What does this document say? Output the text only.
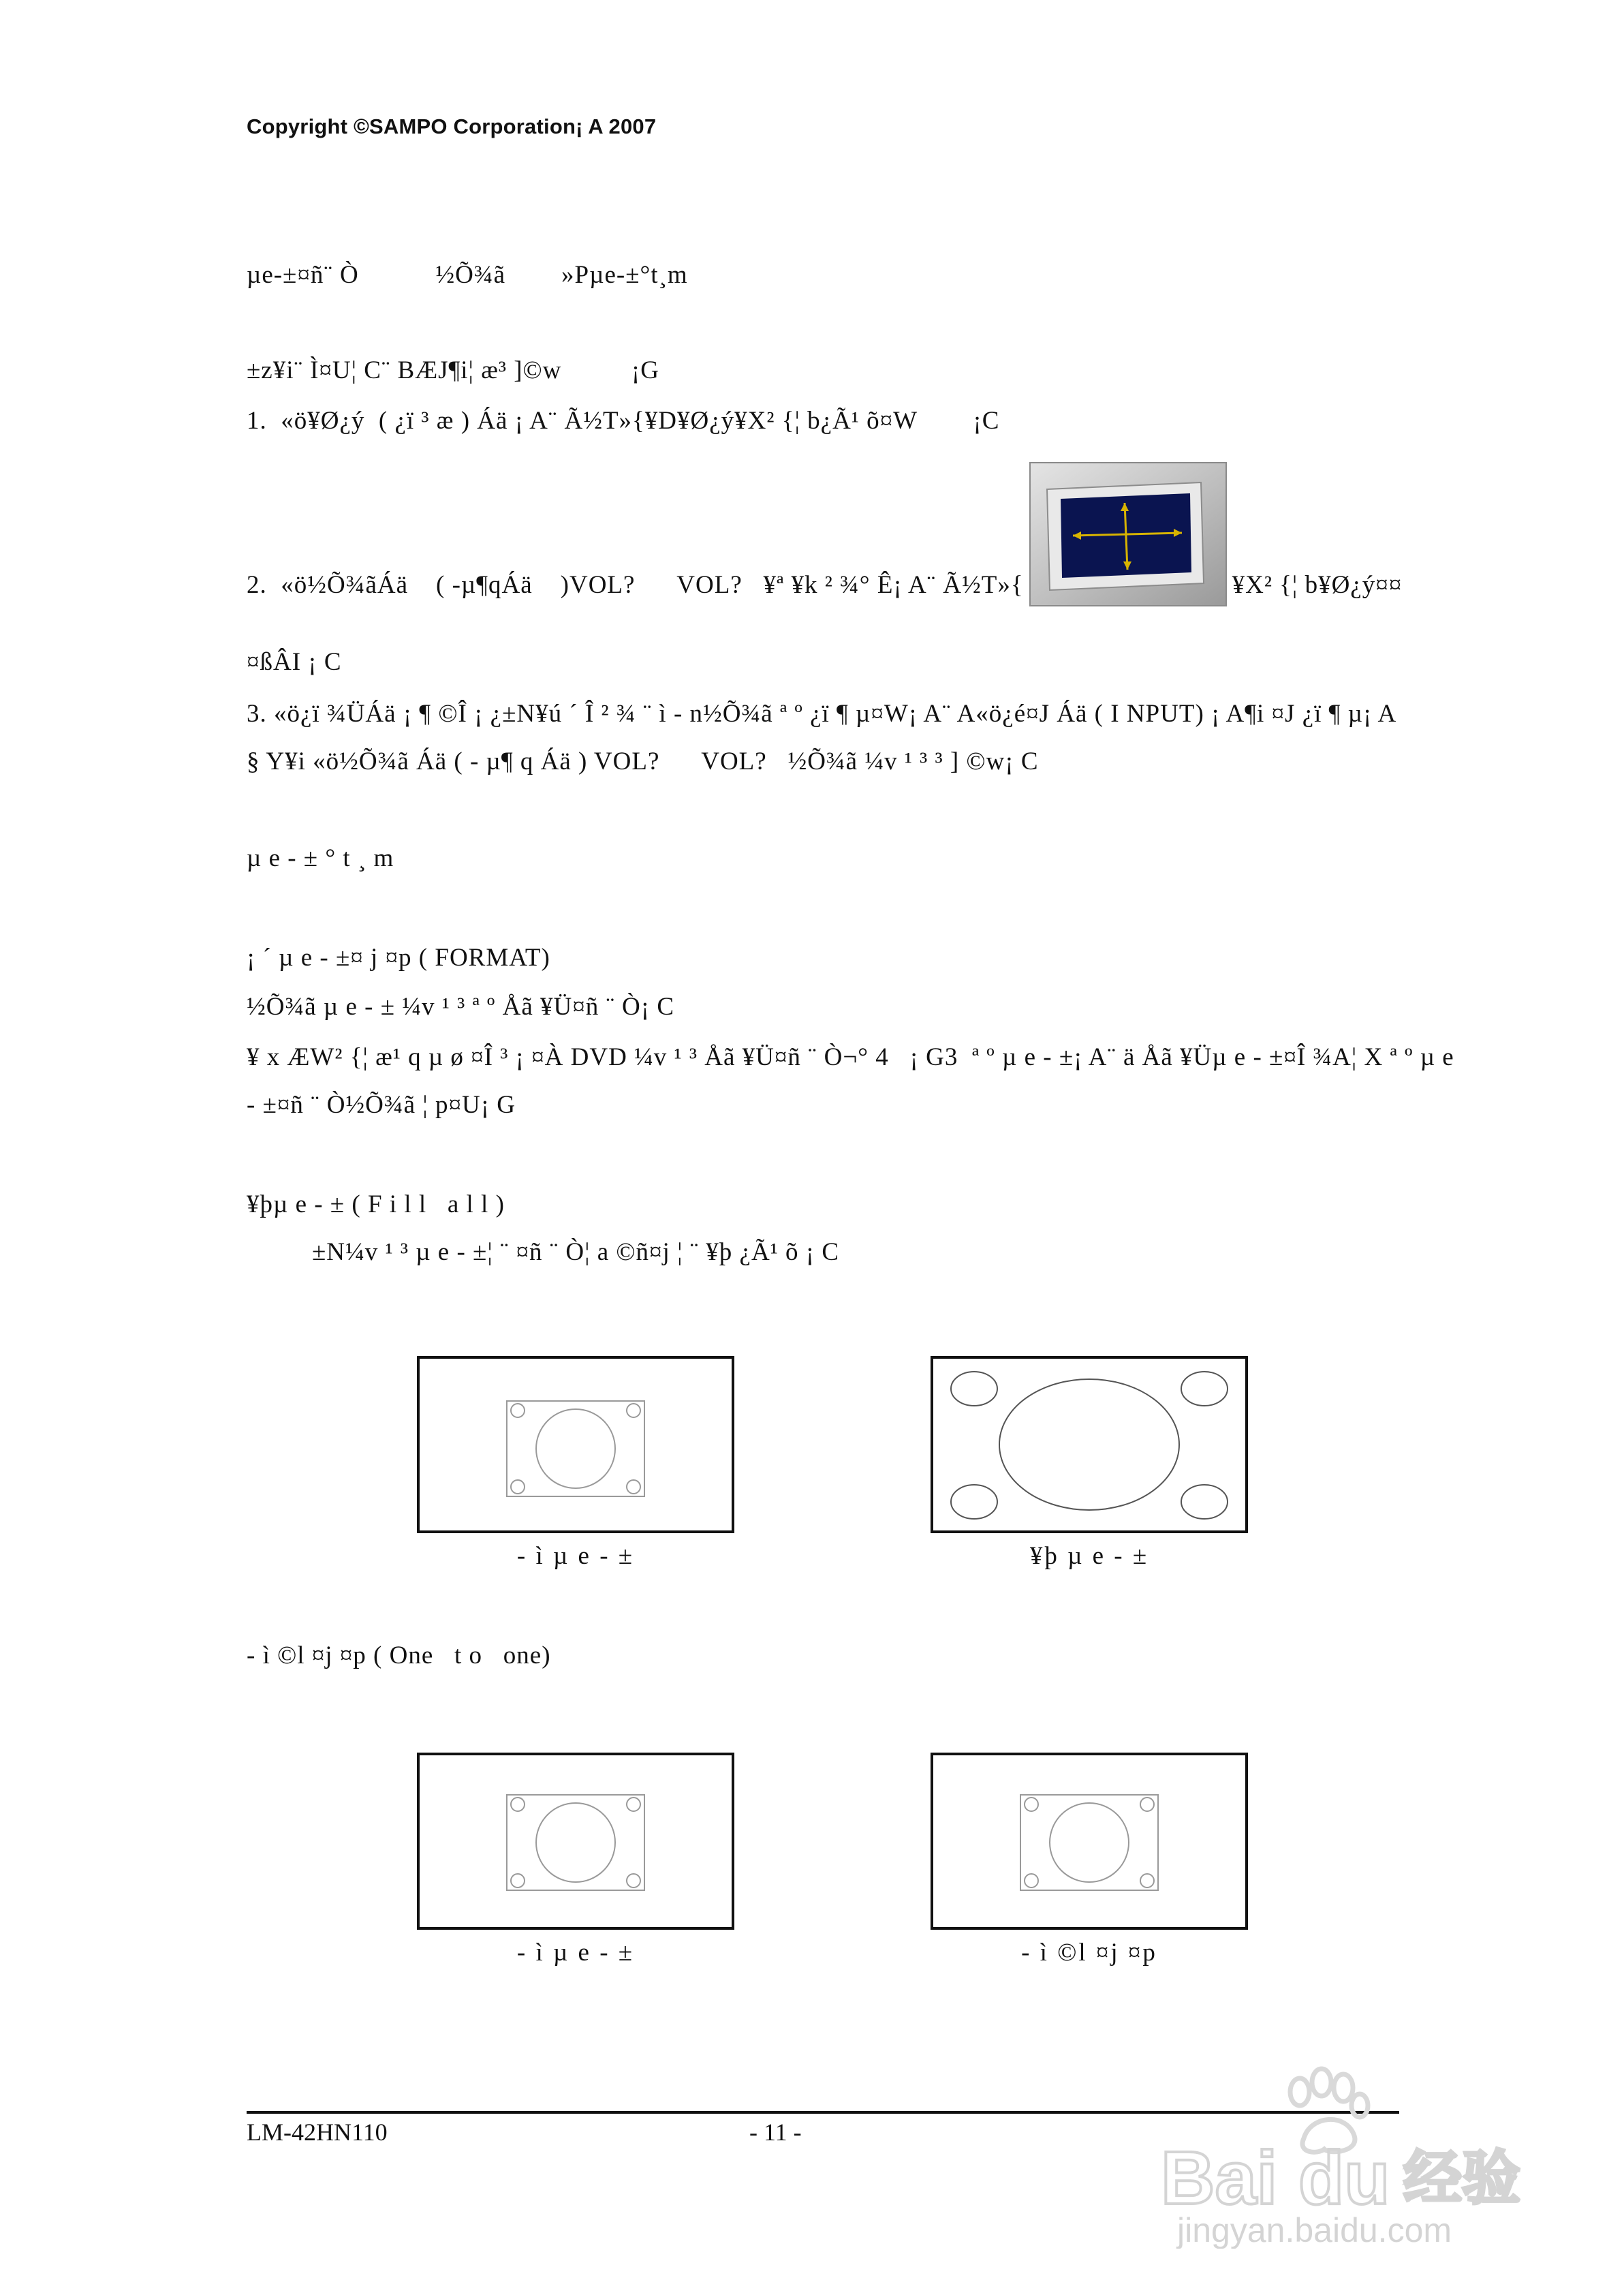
Copyright ©SAMPO Corporation¡ A 2007
µe-±¤ñ¨ Ò           ½Õ¾ã        »Pµe-±°t¸m
±z¥i¨ Ì¤U¦ C¨ BÆJ¶i¦ æ³ ]©w          ¡G
1.  «ö¥Ø¿ý  ( ¿ï ³ æ ) Áä ¡ A¨ Ã½T»{¥D¥Ø¿ý¥X² {¦ b¿Ã¹ õ¤W        ¡C
2.  «ö½Õ¾ãÁä    ( -µ¶qÁä    )VOL?      VOL?   ¥ª ¥k ² ¾° Ê¡ A¨ Ã½T»{	¥X² {¦ b¥Ø¿ý¤¤
¤ßÂI ¡ C
3. «ö¿ï ¾ÜÁä ¡ ¶ ©Î ¡ ¿±N¥ú ´ Î ² ¾ ¨ ì - n½Õ¾ã ª º ¿ï ¶ µ¤W¡ A¨ A«ö¿é¤J Áä ( I NPUT) ¡ A¶i ¤J ¿ï ¶ µ¡ A
§ Y¥i «ö½Õ¾ã Áä ( - µ¶ q Áä ) VOL?      VOL?   ½Õ¾ã ¼v ¹ ³ ³ ] ©w¡ C
µ e - ± ° t ¸ m
¡ ´ µ e - ±¤ j ¤p ( FORMAT)
½Õ¾ã µ e - ± ¼v ¹ ³ ª º Åã ¥Ü¤ñ ¨ Ò¡ C
¥ x ÆW² {¦ æ¹ q µ ø ¤Î ³ ¡ ¤À DVD ¼v ¹ ³ Åã ¥Ü¤ñ ¨ Ò¬° 4   ¡ G3  ª º µ e - ±¡ A¨ ä Åã ¥Üµ e - ±¤Î ¾A¦ X ª º µ e
- ±¤ñ ¨ Ò½Õ¾ã ¦ p¤U¡ G
¥þµ e - ± ( F i l l   a l l )
±N¼v ¹ ³ µ e - ±¦ ¨ ¤ñ ¨ Ò¦ a ©ñ¤j ¦ ¨ ¥þ ¿Ã¹ õ ¡ C
- ì µ e - ±	¥þ µ e - ±
- ì ©l ¤j ¤p ( One   t o   one)
- ì µ e - ±	- ì ©l ¤j ¤p
LM-42HN110	- 11 -
Bai du 经验
jingyan.baidu.com
